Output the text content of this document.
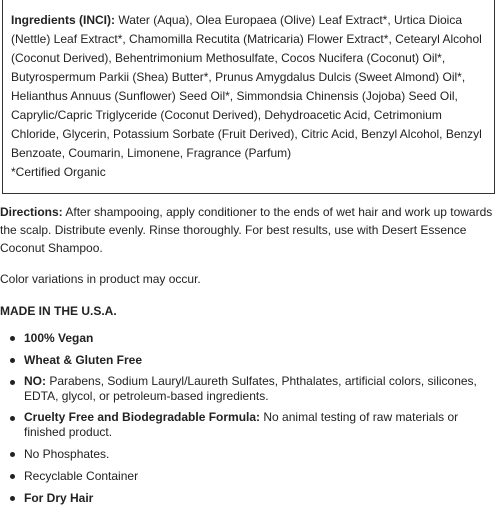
Ingredients (INCI): Water (Aqua), Olea Europaea (Olive) Leaf Extract*, Urtica Dioica (Nettle) Leaf Extract*, Chamomilla Recutita (Matricaria) Flower Extract*, Cetearyl Alcohol (Coconut Derived), Behentrimonium Methosulfate, Cocos Nucifera (Coconut) Oil*, Butyrospermum Parkii (Shea) Butter*, Prunus Amygdalus Dulcis (Sweet Almond) Oil*, Helianthus Annuus (Sunflower) Seed Oil*, Simmondsia Chinensis (Jojoba) Seed Oil, Caprylic/Capric Triglyceride (Coconut Derived), Dehydroacetic Acid, Cetrimonium Chloride, Glycerin, Potassium Sorbate (Fruit Derived), Citric Acid, Benzyl Alcohol, Benzyl Benzoate, Coumarin, Limonene, Fragrance (Parfum)
*Certified Organic

Directions: After shampooing, apply conditioner to the ends of wet hair and work up towards the scalp. Distribute evenly. Rinse thoroughly. For best results, use with Desert Essence Coconut Shampoo.

Color variations in product may occur.

MADE IN THE U.S.A.

100% Vegan
Wheat & Gluten Free
NO: Parabens, Sodium Lauryl/Laureth Sulfates, Phthalates, artificial colors, silicones, EDTA, glycol, or petroleum-based ingredients.
Cruelty Free and Biodegradable Formula: No animal testing of raw materials or finished product.
No Phosphates.
Recyclable Container
For Dry Hair
